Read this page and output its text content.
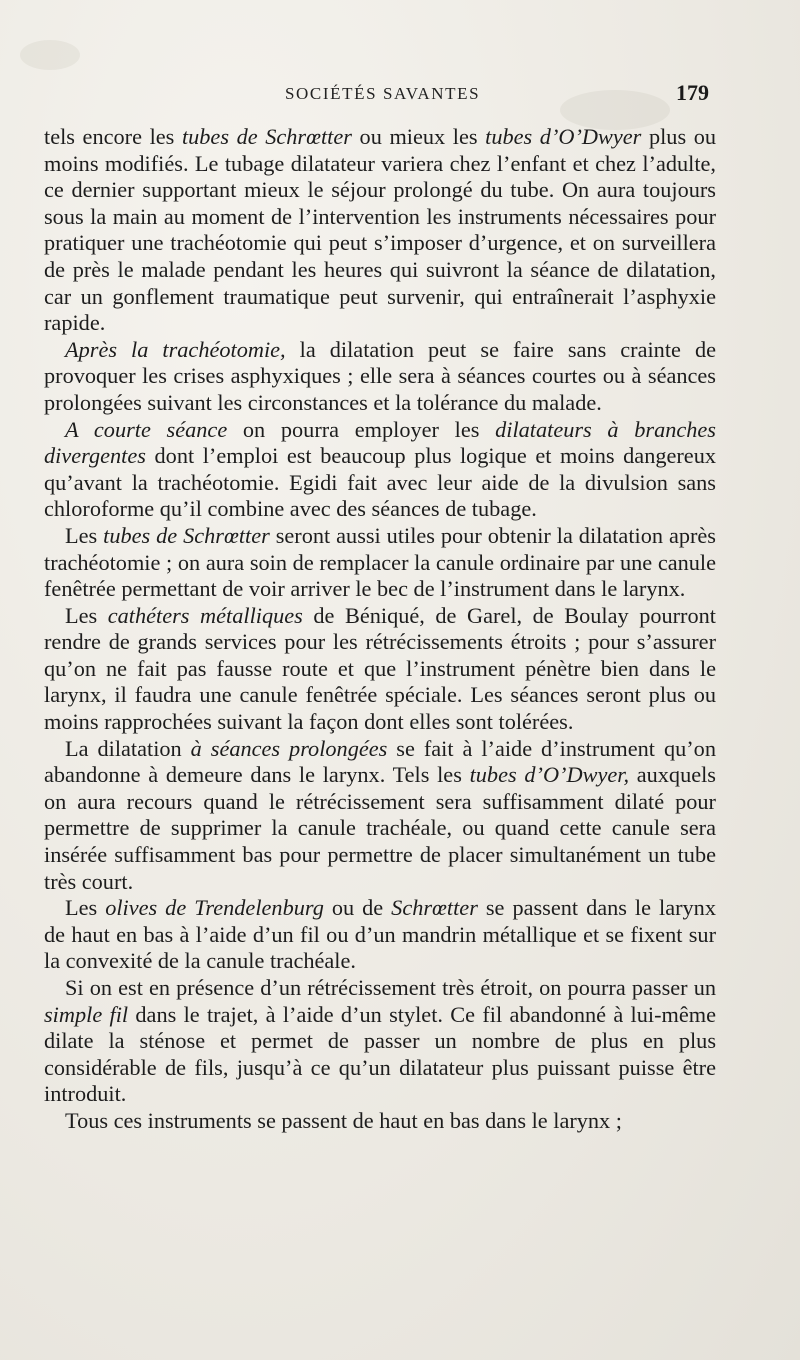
SOCIÉTÉS SAVANTES	179

tels encore les tubes de Schrœtter ou mieux les tubes d’O’Dwyer plus ou moins modifiés. Le tubage dilatateur variera chez l’enfant et chez l’adulte, ce dernier supportant mieux le séjour prolongé du tube. On aura toujours sous la main au moment de l’intervention les instruments nécessaires pour pratiquer une trachéotomie qui peut s’imposer d’urgence, et on surveillera de près le malade pendant les heures qui suivront la séance de dilatation, car un gonflement traumatique peut survenir, qui entraînerait l’asphyxie rapide.

Après la trachéotomie, la dilatation peut se faire sans crainte de provoquer les crises asphyxiques ; elle sera à séances courtes ou à séances prolongées suivant les circonstances et la tolérance du malade.

A courte séance on pourra employer les dilatateurs à branches divergentes dont l’emploi est beaucoup plus logique et moins dangereux qu’avant la trachéotomie. Egidi fait avec leur aide de la divulsion sans chloroforme qu’il combine avec des séances de tubage.

Les tubes de Schrœtter seront aussi utiles pour obtenir la dilatation après trachéotomie ; on aura soin de remplacer la canule ordinaire par une canule fenêtrée permettant de voir arriver le bec de l’instrument dans le larynx.

Les cathéters métalliques de Béniqué, de Garel, de Boulay pourront rendre de grands services pour les rétrécissements étroits ; pour s’assurer qu’on ne fait pas fausse route et que l’instrument pénètre bien dans le larynx, il faudra une canule fenêtrée spéciale. Les séances seront plus ou moins rapprochées suivant la façon dont elles sont tolérées.

La dilatation à séances prolongées se fait à l’aide d’instrument qu’on abandonne à demeure dans le larynx. Tels les tubes d’O’Dwyer, auxquels on aura recours quand le rétrécissement sera suffisamment dilaté pour permettre de supprimer la canule trachéale, ou quand cette canule sera insérée suffisamment bas pour permettre de placer simultanément un tube très court.

Les olives de Trendelenburg ou de Schrœtter se passent dans le larynx de haut en bas à l’aide d’un fil ou d’un mandrin métallique et se fixent sur la convexité de la canule trachéale.

Si on est en présence d’un rétrécissement très étroit, on pourra passer un simple fil dans le trajet, à l’aide d’un stylet. Ce fil abandonné à lui-même dilate la sténose et permet de passer un nombre de plus en plus considérable de fils, jusqu’à ce qu’un dilatateur plus puissant puisse être introduit.

Tous ces instruments se passent de haut en bas dans le larynx ;
